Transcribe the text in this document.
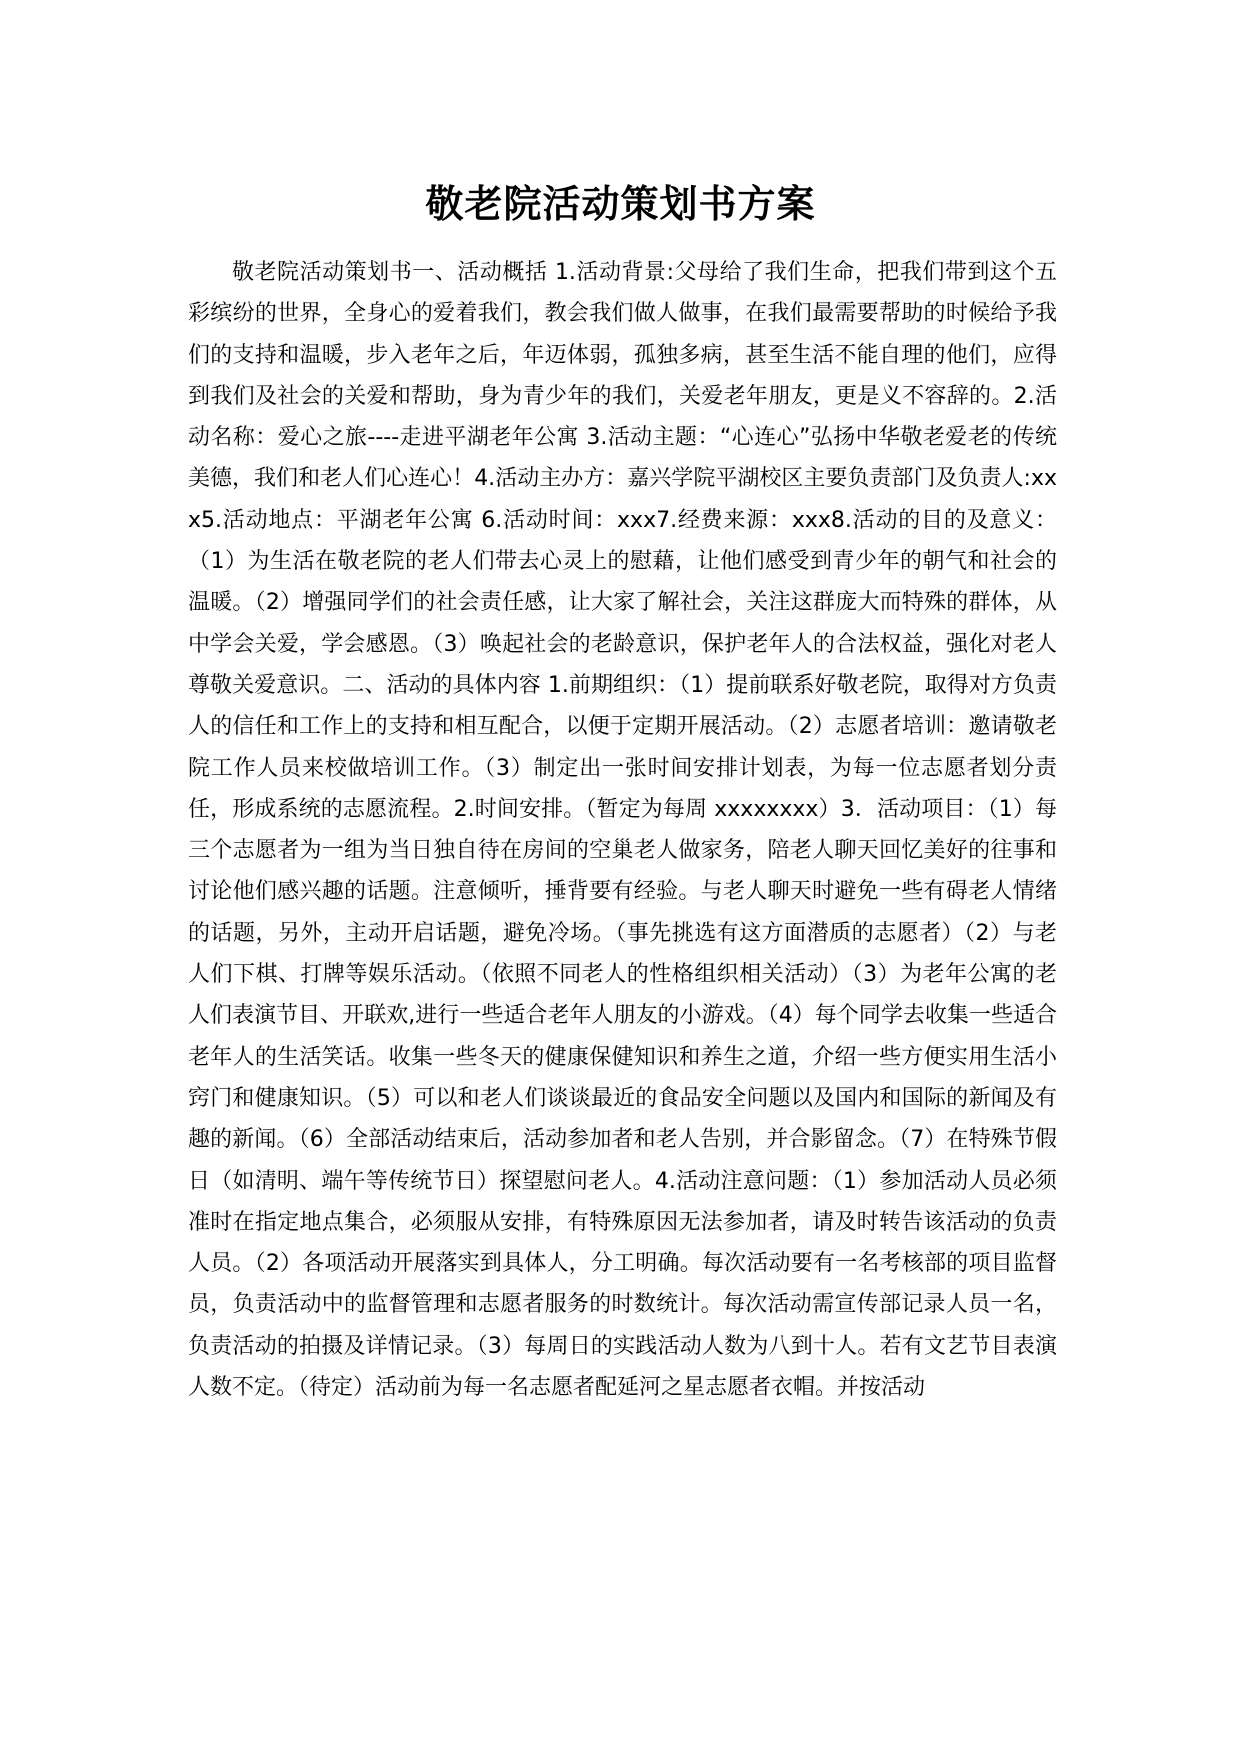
敬老院活动策划书方案

敬老院活动策划书一、活动概括 1.活动背景:父母给了我们生命，把我们带到这个五彩缤纷的世界，全身心的爱着我们，教会我们做人做事，在我们最需要帮助的时候给予我们的支持和温暖，步入老年之后，年迈体弱，孤独多病，甚至生活不能自理的他们，应得到我们及社会的关爱和帮助，身为青少年的我们，关爱老年朋友，更是义不容辞的。2.活动名称：爱心之旅----走进平湖老年公寓 3.活动主题：“心连心”弘扬中华敬老爱老的传统美德，我们和老人们心连心！4.活动主办方：嘉兴学院平湖校区主要负责部门及负责人:xxx5.活动地点：平湖老年公寓 6.活动时间：xxx7.经费来源：xxx8.活动的目的及意义：（1）为生活在敬老院的老人们带去心灵上的慰藉，让他们感受到青少年的朝气和社会的温暖。（2）增强同学们的社会责任感，让大家了解社会，关注这群庞大而特殊的群体，从中学会关爱，学会感恩。（3）唤起社会的老龄意识，保护老年人的合法权益，强化对老人尊敬关爱意识。二、活动的具体内容 1.前期组织：（1）提前联系好敬老院，取得对方负责人的信任和工作上的支持和相互配合，以便于定期开展活动。（2）志愿者培训：邀请敬老院工作人员来校做培训工作。（3）制定出一张时间安排计划表，为每一位志愿者划分责任，形成系统的志愿流程。2.时间安排。（暂定为每周 xxxxxxxx）3．活动项目：（1）每三个志愿者为一组为当日独自待在房间的空巢老人做家务，陪老人聊天回忆美好的往事和讨论他们感兴趣的话题。注意倾听，捶背要有经验。与老人聊天时避免一些有碍老人情绪的话题，另外，主动开启话题，避免冷场。（事先挑选有这方面潜质的志愿者）（2）与老人们下棋、打牌等娱乐活动。（依照不同老人的性格组织相关活动）（3）为老年公寓的老人们表演节目、开联欢,进行一些适合老年人朋友的小游戏。（4）每个同学去收集一些适合老年人的生活笑话。收集一些冬天的健康保健知识和养生之道，介绍一些方便实用生活小窍门和健康知识。（5）可以和老人们谈谈最近的食品安全问题以及国内和国际的新闻及有趣的新闻。（6）全部活动结束后，活动参加者和老人告别，并合影留念。（7）在特殊节假日（如清明、端午等传统节日）探望慰问老人。4.活动注意问题：（1）参加活动人员必须准时在指定地点集合，必须服从安排，有特殊原因无法参加者，请及时转告该活动的负责人员。（2）各项活动开展落实到具体人，分工明确。每次活动要有一名考核部的项目监督员，负责活动中的监督管理和志愿者服务的时数统计。每次活动需宣传部记录人员一名，负责活动的拍摄及详情记录。（3）每周日的实践活动人数为八到十人。若有文艺节目表演人数不定。（待定）活动前为每一名志愿者配延河之星志愿者衣帽。并按活动
